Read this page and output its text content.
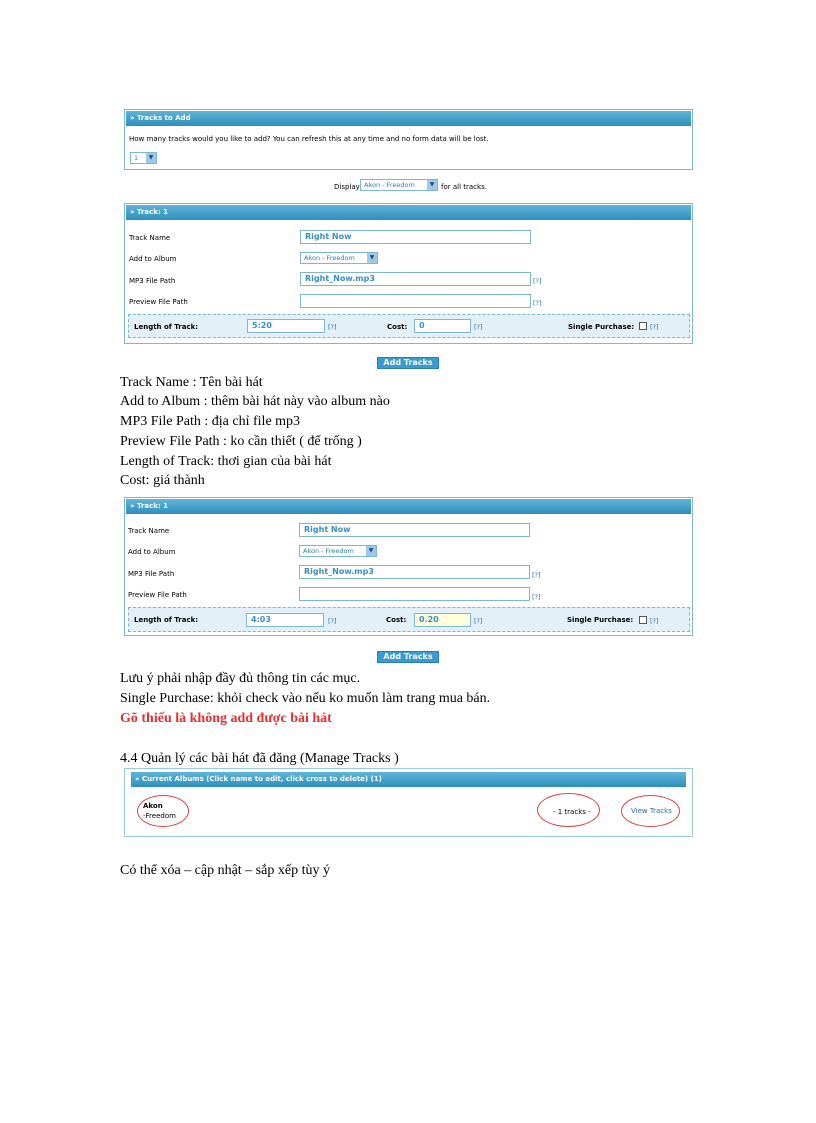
» Tracks to Add
How many tracks would you like to add? You can refresh this at any time and no form data will be lost.
1	▼
Display Akon - Freedom	▼ for all tracks.
» Track: 1
Track Name	Right Now
Add to Album	Akon - Freedom	▼
MP3 File Path	Right_Now.mp3	[?]
Preview File Path	[?]
Length of Track:	5:20	[?]	Cost:	0	[?]	Single Purchase: [?]
Add Tracks
Track Name : Tên bài hát
Add to Album : thêm bài hát này vào album nào
MP3 File Path : địa chỉ file mp3
Preview File Path : ko cần thiết ( để trống )
Length of Track: thơi gian của bài hát
Cost: giá thành
» Track: 1
Track Name	Right Now
Add to Album	Akon - Freedom	▼
MP3 File Path	Right_Now.mp3	[?]
Preview File Path	[?]
Length of Track:	4:03	[?]	Cost:	0.20	[?]	Single Purchase:	[?]
Add Tracks
Lưu ý phải nhập đầy đủ thông tin các mục.
Single Purchase: khỏi check vào nếu ko muốn làm trang mua bán.
Gõ thiếu là không add được bài hát
4.4 Quản lý các bài hát đã đăng (Manage Tracks )
» Current Albums (Click name to edit, click cross to delete) (1)
Akon
-Freedom	- 1 tracks -	View Tracks
Có thể xóa – cập nhật – sắp xếp tùy ý
